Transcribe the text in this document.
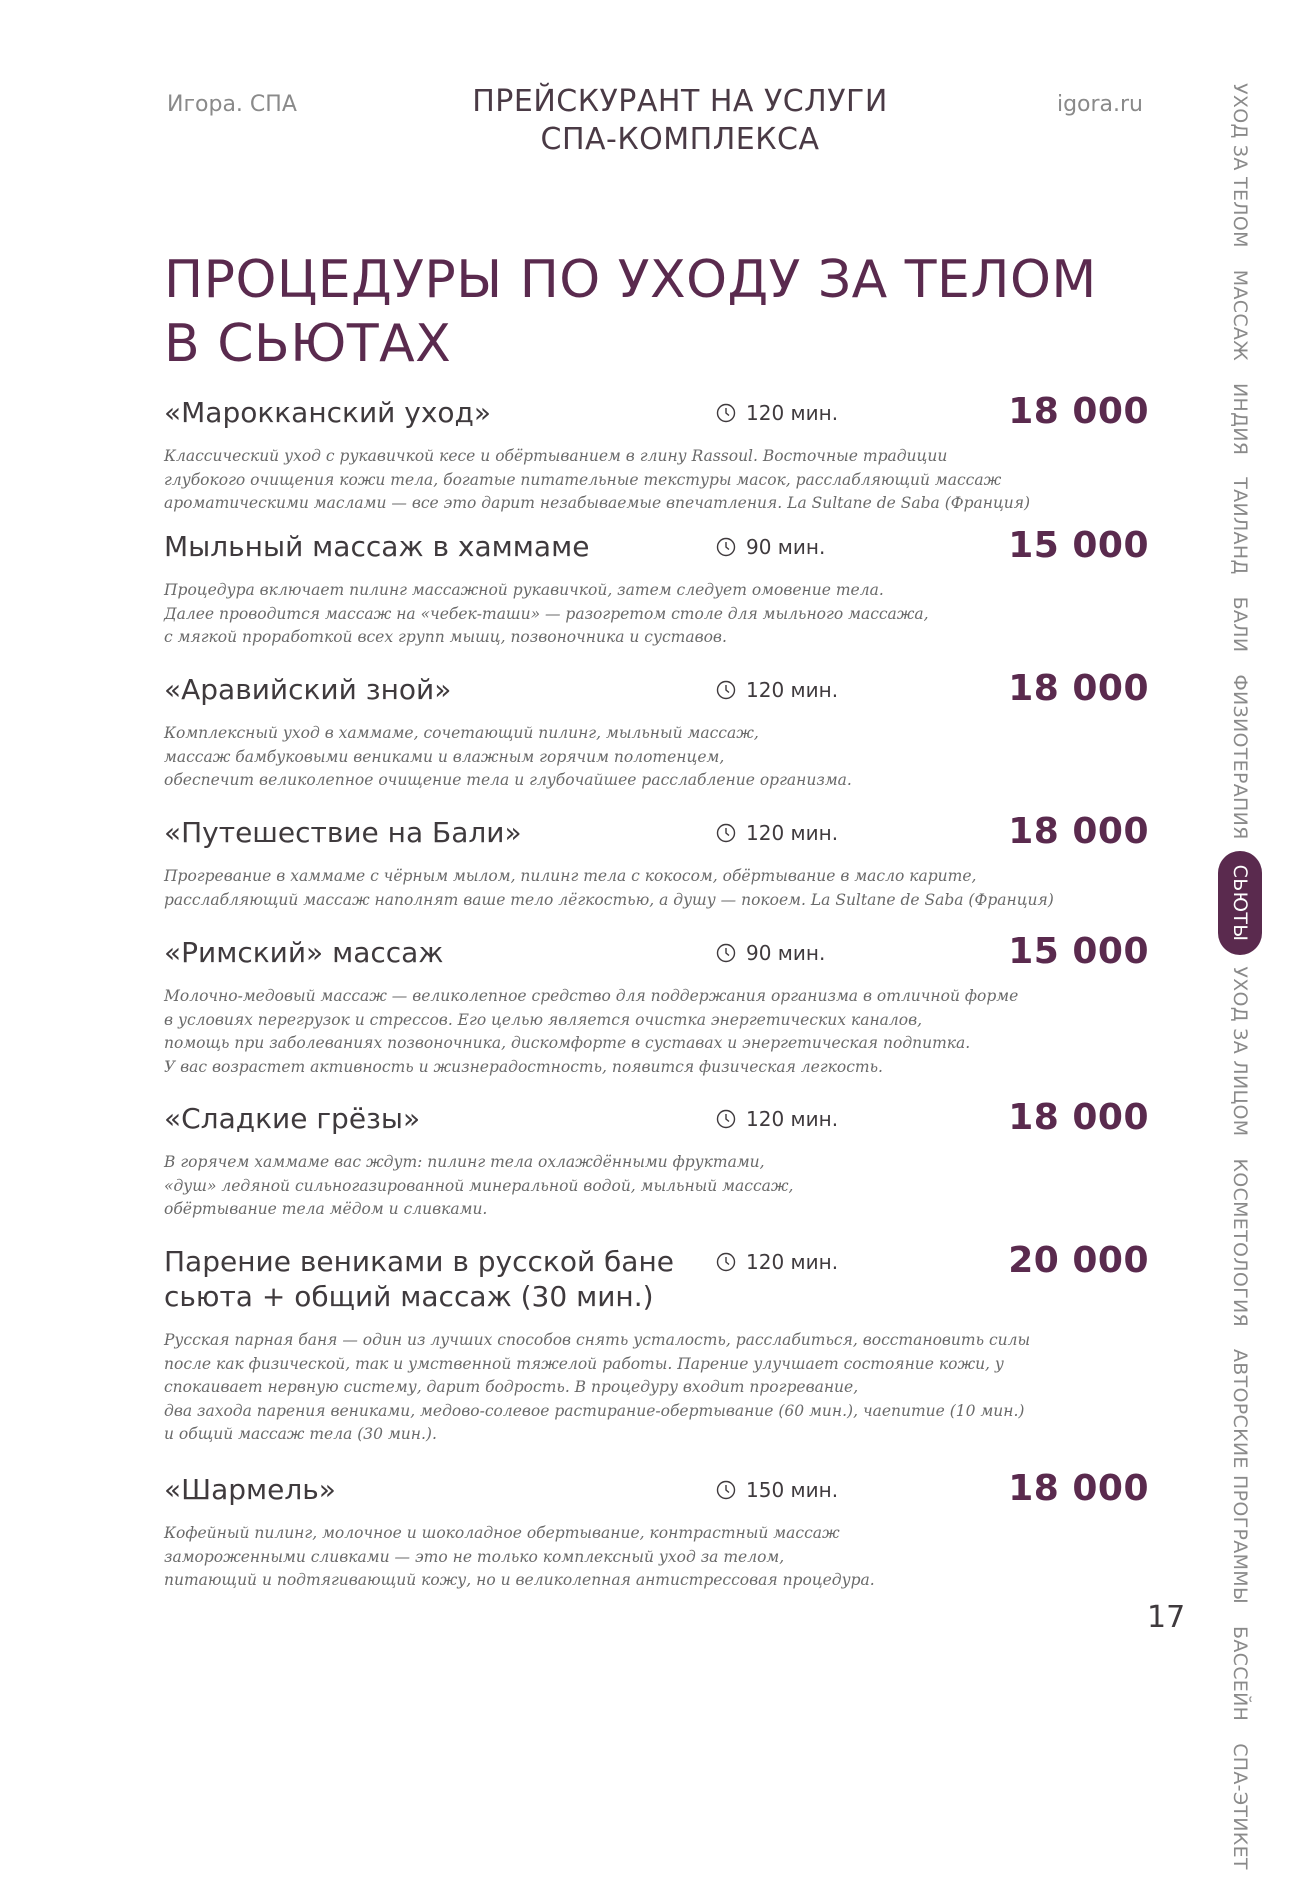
Игора. СПА	ПРЕЙСКУРАНТ НА УСЛУГИ
СПА-КОМПЛЕКСА
igora.ru
ПРОЦЕДУРЫ ПО УХОДУ ЗА ТЕЛОМ
В СЬЮТАХ
«Марокканский уход»	120 мин.	18 000
Классический уход с рукавичкой кесе и обёртыванием в глину Rassoul. Восточные традиции
глубокого очищения кожи тела, богатые питательные текстуры масок, расслабляющий массаж
ароматическими маслами — все это дарит незабываемые впечатления. La Sultane de Saba (Франция)
Мыльный массаж в хаммаме	90 мин.	15 000
Процедура включает пилинг массажной рукавичкой, затем следует омовение тела.
Далее проводится массаж на «чебек-таши» — разогретом столе для мыльного массажа,
с мягкой проработкой всех групп мышц, позвоночника и суставов.
«Аравийский зной»	120 мин.	18 000
Комплексный уход в хаммаме, сочетающий пилинг, мыльный массаж,
массаж бамбуковыми вениками и влажным горячим полотенцем,
обеспечит великолепное очищение тела и глубочайшее расслабление организма.
«Путешествие на Бали»	120 мин.	18 000
Прогревание в хаммаме с чёрным мылом, пилинг тела с кокосом, обёртывание в масло карите,
расслабляющий массаж наполнят ваше тело лёгкостью, а душу — покоем. La Sultane de Saba (Франция)
«Римский» массаж	90 мин.	15 000
Молочно-медовый массаж — великолепное средство для поддержания организма в отличной форме
в условиях перегрузок и стрессов. Его целью является очистка энергетических каналов,
помощь при заболеваниях позвоночника, дискомфорте в суставах и энергетическая подпитка.
У вас возрастет активность и жизнерадостность, появится физическая легкость.
«Сладкие грёзы»	120 мин.	18 000
В горячем хаммаме вас ждут: пилинг тела охлаждёнными фруктами,
«душ» ледяной сильногазированной минеральной водой, мыльный массаж,
обёртывание тела мёдом и сливками.
Парение вениками в русской бане
сьюта + общий массаж (30 мин.)
120 мин.	20 000
Русская парная баня — один из лучших способов снять усталость, расслабиться, восстановить силы
после как физической, так и умственной тяжелой работы. Парение улучшает состояние кожи, у
спокаивает нервную систему, дарит бодрость. В процедуру входит прогревание,
два захода парения вениками, медово-солевое растирание-обертывание (60 мин.), чаепитие (10 мин.)
и общий массаж тела (30 мин.).
«Шармель»	150 мин.	18 000
Кофейный пилинг, молочное и шоколадное обертывание, контрастный массаж
замороженными сливками — это не только комплексный уход за телом,
питающий и подтягивающий кожу, но и великолепная антистрессовая процедура.
УХОД ЗА ТЕЛОМ
МАССАЖ
ИНДИЯ
ТАИЛАНД
БАЛИ
ФИЗИОТЕРАПИЯ
СЬЮТЫ
УХОД ЗА ЛИЦОМ
КОСМЕТОЛОГИЯ
АВТОРСКИЕ ПРОГРАММЫ
БАССЕЙН
СПА-ЭТИКЕТ
17
